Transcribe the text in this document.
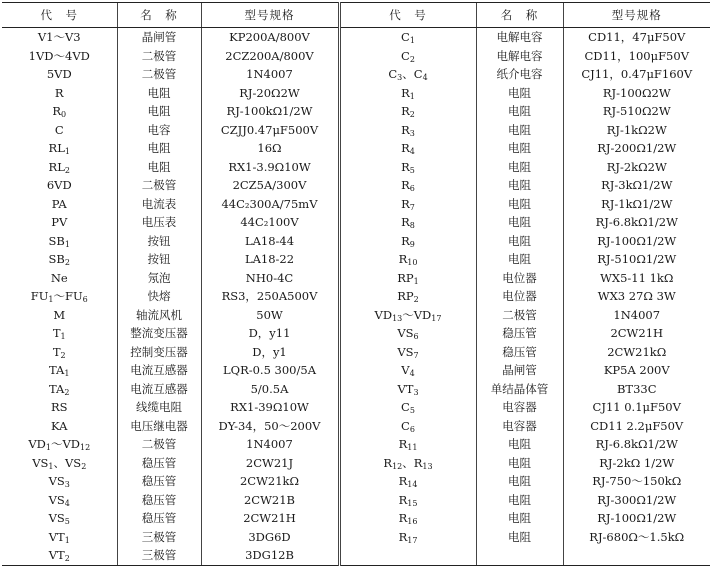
代　号	名　称	型号规格	代　号	名　称	型号规格
V1～V3	晶闸管	KP200A/800V	$C_1$	电解电容	CD11，47μF50V
1VD～4VD	二极管	2CZ200A/800V	$C_2$	电解电容	CD11，100μF50V
5VD	二极管	1N4007	$C_3$、$C_4$	纸介电容	CJ11，0.47μF160V
R	电阻	RJ-20Ω2W	$R_1$	电阻	RJ-100Ω2W
$R_0$	电阻	RJ-100kΩ1/2W	$R_2$	电阻	RJ-510Ω2W
C	电容	CZJJ0.47μF500V	$R_3$	电阻	RJ-1kΩ2W
$RL_1$	电阻	16Ω	$R_4$	电阻	RJ-200Ω1/2W
$RL_2$	电阻	RX1-3.9Ω10W	$R_5$	电阻	RJ-2kΩ2W
6VD	二极管	2CZ5A/300V	$R_6$	电阻	RJ-3kΩ1/2W
PA	电流表	44C₂300A/75mV	$R_7$	电阻	RJ-1kΩ1/2W
PV	电压表	44C₂100V	$R_8$	电阻	RJ-6.8kΩ1/2W
$SB_1$	按钮	LA18-44	$R_9$	电阻	RJ-100Ω1/2W
$SB_2$	按钮	LA18-22	$R_{10}$	电阻	RJ-510Ω1/2W
Ne	氖泡	NH0-4C	$RP_1$	电位器	WX5-11 1kΩ
$FU_1\sim FU_6$	快熔	RS3，250A500V	$RP_2$	电位器	WX3 27Ω 3W
M	轴流风机	50W	$VD_{13}\sim VD_{17}$	二极管	1N4007
$T_1$	整流变压器	D，y11	$VS_6$	稳压管	2CW21H
$T_2$	控制变压器	D，y1	$VS_7$	稳压管	2CW21kΩ
$TA_1$	电流互感器	LQR-0.5 300/5A	$V_4$	晶闸管	KP5A 200V
$TA_2$	电流互感器	5/0.5A	$VT_3$	单结晶体管	BT33C
RS	线缆电阻	RX1-39Ω10W	$C_5$	电容器	CJ11 0.1μF50V
KA	电压继电器	DY-34，50～200V	$C_6$	电容器	CD11 2.2μF50V
$VD_1\sim VD_{12}$	二极管	1N4007	$R_{11}$	电阻	RJ-6.8kΩ1/2W
$VS_1$、$VS_2$	稳压管	2CW21J	$R_{12}$、$R_{13}$	电阻	RJ-2kΩ 1/2W
$VS_3$	稳压管	2CW21kΩ	$R_{14}$	电阻	RJ-750～150kΩ
$VS_4$	稳压管	2CW21B	$R_{15}$	电阻	RJ-300Ω1/2W
$VS_5$	稳压管	2CW21H	$R_{16}$	电阻	RJ-100Ω1/2W
$VT_1$	三极管	3DG6D	$R_{17}$	电阻	RJ-680Ω～1.5kΩ
$VT_2$	三极管	3DG12B			
